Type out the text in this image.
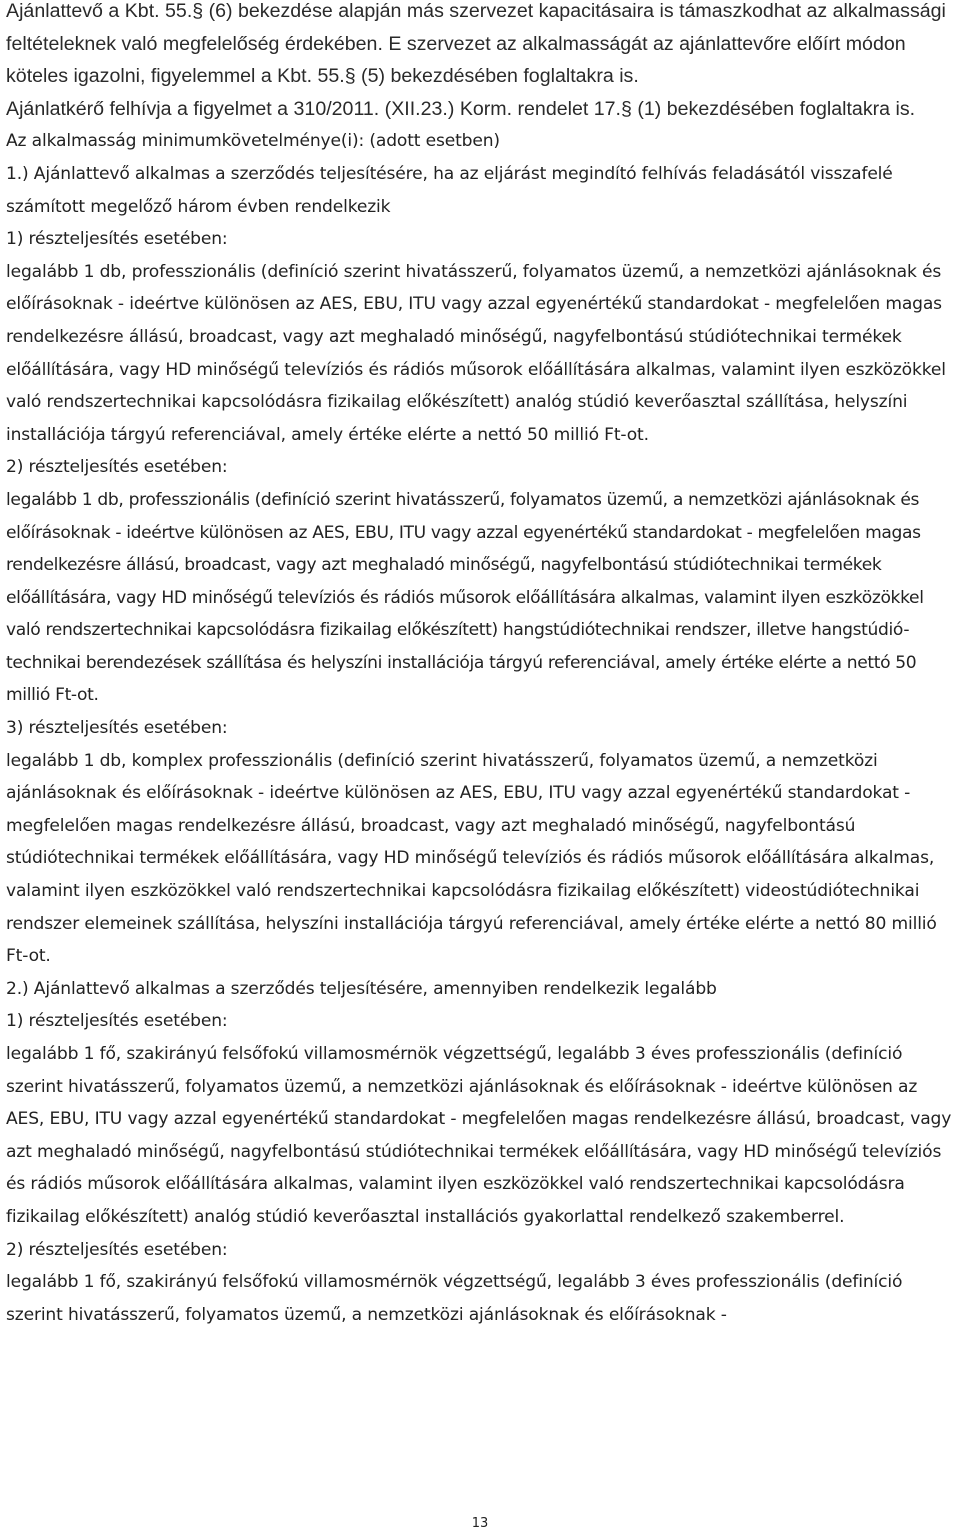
Ajánlattevő a Kbt. 55.§ (6) bekezdése alapján más szervezet kapacitásaira is támaszkodhat az alkalmassági feltételeknek való megfelelőség érdekében. E szervezet az alkalmasságát az ajánlattevőre előírt módon köteles igazolni, figyelemmel a Kbt. 55.§ (5) bekezdésében foglaltakra is.

Ajánlatkérő felhívja a figyelmet a 310/2011. (XII.23.) Korm. rendelet 17.§ (1) bekezdésében foglaltakra is.

Az alkalmasság minimumkövetelménye(i): (adott esetben)

1.) Ajánlattevő alkalmas a szerződés teljesítésére, ha az eljárást megindító felhívás feladásától visszafelé számított megelőző három évben rendelkezik

1) részteljesítés esetében:

legalább 1 db, professzionális (definíció szerint hivatásszerű, folyamatos üzemű, a nemzetközi ajánlásoknak és előírásoknak - ideértve különösen az AES, EBU, ITU vagy azzal egyenértékű standardokat - megfelelően magas rendelkezésre állású, broadcast, vagy azt meghaladó minőségű, nagyfelbontású stúdiótechnikai termékek előállítására, vagy HD minőségű televíziós és rádiós műsorok előállítására alkalmas, valamint ilyen eszközökkel való rendszertechnikai kapcsolódásra fizikailag előkészített) analóg stúdió keverőasztal szállítása, helyszíni installációja tárgyú referenciával, amely értéke elérte a nettó 50 millió Ft-ot.

2) részteljesítés esetében:

legalább 1 db, professzionális (definíció szerint hivatásszerű, folyamatos üzemű, a nemzetközi ajánlásoknak és előírásoknak - ideértve különösen az AES, EBU, ITU vagy azzal egyenértékű standardokat - megfelelően magas rendelkezésre állású, broadcast, vagy azt meghaladó minőségű, nagyfelbontású stúdiótechnikai termékek előállítására, vagy HD minőségű televíziós és rádiós műsorok előállítására alkalmas, valamint ilyen eszközökkel való rendszertechnikai kapcsolódásra fizikailag előkészített) hangstúdiótechnikai rendszer, illetve hangstúdió-technikai berendezések szállítása és helyszíni installációja tárgyú referenciával, amely értéke elérte a nettó 50 millió Ft-ot.

3) részteljesítés esetében:

legalább 1 db, komplex professzionális (definíció szerint hivatásszerű, folyamatos üzemű, a nemzetközi ajánlásoknak és előírásoknak - ideértve különösen az AES, EBU, ITU vagy azzal egyenértékű standardokat - megfelelően magas rendelkezésre állású, broadcast, vagy azt meghaladó minőségű, nagyfelbontású stúdiótechnikai termékek előállítására, vagy HD minőségű televíziós és rádiós műsorok előállítására alkalmas, valamint ilyen eszközökkel való rendszertechnikai kapcsolódásra fizikailag előkészített) videostúdiótechnikai rendszer elemeinek szállítása, helyszíni installációja tárgyú referenciával, amely értéke elérte a nettó 80 millió Ft-ot.

2.) Ajánlattevő alkalmas a szerződés teljesítésére, amennyiben rendelkezik legalább

1) részteljesítés esetében:

legalább 1 fő, szakirányú felsőfokú villamosmérnök végzettségű, legalább 3 éves professzionális (definíció szerint hivatásszerű, folyamatos üzemű, a nemzetközi ajánlásoknak és előírásoknak - ideértve különösen az AES, EBU, ITU vagy azzal egyenértékű standardokat - megfelelően magas rendelkezésre állású, broadcast, vagy azt meghaladó minőségű, nagyfelbontású stúdiótechnikai termékek előállítására, vagy HD minőségű televíziós és rádiós műsorok előállítására alkalmas, valamint ilyen eszközökkel való rendszertechnikai kapcsolódásra fizikailag előkészített) analóg stúdió keverőasztal installációs gyakorlattal rendelkező szakemberrel.

2) részteljesítés esetében:

legalább 1 fő, szakirányú felsőfokú villamosmérnök végzettségű, legalább 3 éves professzionális (definíció szerint hivatásszerű, folyamatos üzemű, a nemzetközi ajánlásoknak és előírásoknak -

13
